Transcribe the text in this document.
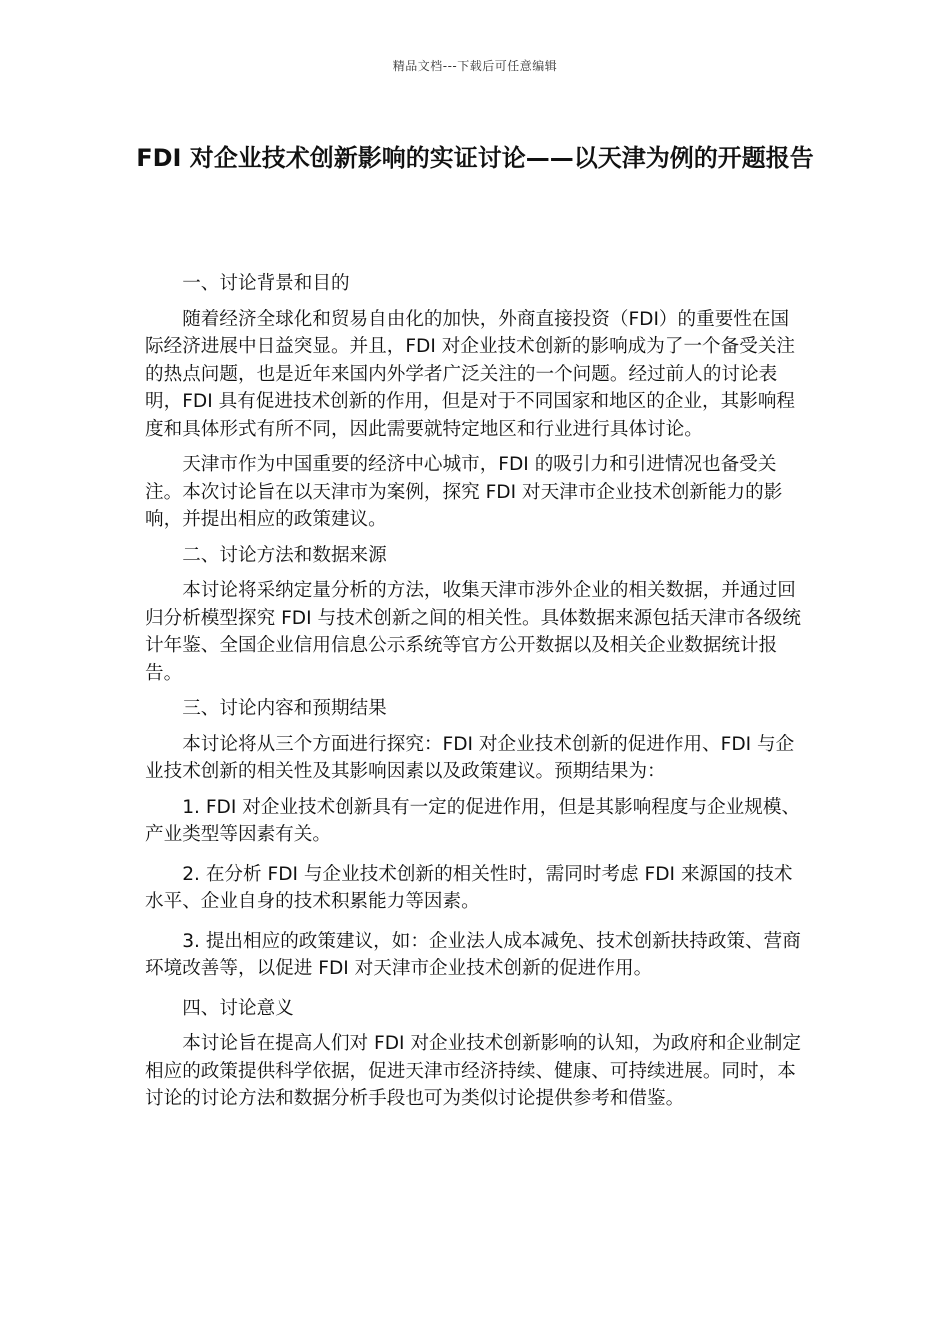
精品文档---下载后可任意编辑
FDI 对企业技术创新影响的实证讨论——以天津为例的开题报告

一、讨论背景和目的

随着经济全球化和贸易自由化的加快，外商直接投资（FDI）的重要性在国际经济进展中日益突显。并且，FDI 对企业技术创新的影响成为了一个备受关注的热点问题，也是近年来国内外学者广泛关注的一个问题。经过前人的讨论表明，FDI 具有促进技术创新的作用，但是对于不同国家和地区的企业，其影响程度和具体形式有所不同，因此需要就特定地区和行业进行具体讨论。

天津市作为中国重要的经济中心城市，FDI 的吸引力和引进情况也备受关注。本次讨论旨在以天津市为案例，探究 FDI 对天津市企业技术创新能力的影响，并提出相应的政策建议。

二、讨论方法和数据来源

本讨论将采纳定量分析的方法，收集天津市涉外企业的相关数据，并通过回归分析模型探究 FDI 与技术创新之间的相关性。具体数据来源包括天津市各级统计年鉴、全国企业信用信息公示系统等官方公开数据以及相关企业数据统计报告。

三、讨论内容和预期结果

本讨论将从三个方面进行探究：FDI 对企业技术创新的促进作用、FDI 与企业技术创新的相关性及其影响因素以及政策建议。预期结果为：

1. FDI 对企业技术创新具有一定的促进作用，但是其影响程度与企业规模、产业类型等因素有关。

2. 在分析 FDI 与企业技术创新的相关性时，需同时考虑 FDI 来源国的技术水平、企业自身的技术积累能力等因素。

3. 提出相应的政策建议，如：企业法人成本减免、技术创新扶持政策、营商环境改善等，以促进 FDI 对天津市企业技术创新的促进作用。

四、讨论意义

本讨论旨在提高人们对 FDI 对企业技术创新影响的认知，为政府和企业制定相应的政策提供科学依据，促进天津市经济持续、健康、可持续进展。同时，本讨论的讨论方法和数据分析手段也可为类似讨论提供参考和借鉴。
